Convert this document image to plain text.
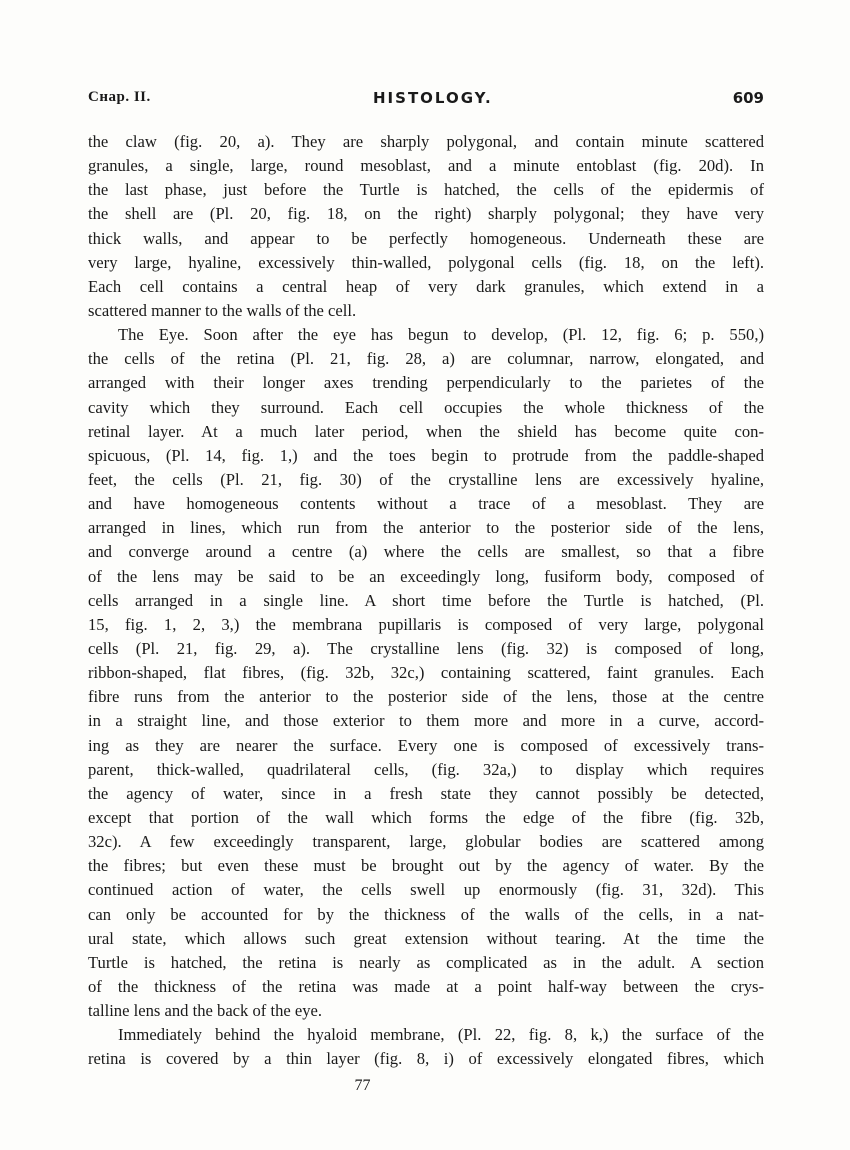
Cнар. II.	HISTOLOGY.	609
the claw (fig. 20, a). They are sharply polygonal, and contain minute scattered
granules, a single, large, round mesoblast, and a minute entoblast (fig. 20d). In
the last phase, just before the Turtle is hatched, the cells of the epidermis of
the shell are (Pl. 20, fig. 18, on the right) sharply polygonal; they have very
thick walls, and appear to be perfectly homogeneous. Underneath these are
very large, hyaline, excessively thin-walled, polygonal cells (fig. 18, on the left).
Each cell contains a central heap of very dark granules, which extend in a
scattered manner to the walls of the cell.
The Eye. Soon after the eye has begun to develop, (Pl. 12, fig. 6; p. 550,)
the cells of the retina (Pl. 21, fig. 28, a) are columnar, narrow, elongated, and
arranged with their longer axes trending perpendicularly to the parietes of the
cavity which they surround. Each cell occupies the whole thickness of the
retinal layer. At a much later period, when the shield has become quite con-
spicuous, (Pl. 14, fig. 1,) and the toes begin to protrude from the paddle-shaped
feet, the cells (Pl. 21, fig. 30) of the crystalline lens are excessively hyaline,
and have homogeneous contents without a trace of a mesoblast. They are
arranged in lines, which run from the anterior to the posterior side of the lens,
and converge around a centre (a) where the cells are smallest, so that a fibre
of the lens may be said to be an exceedingly long, fusiform body, composed of
cells arranged in a single line. A short time before the Turtle is hatched, (Pl.
15, fig. 1, 2, 3,) the membrana pupillaris is composed of very large, polygonal
cells (Pl. 21, fig. 29, a). The crystalline lens (fig. 32) is composed of long,
ribbon-shaped, flat fibres, (fig. 32b, 32c,) containing scattered, faint granules. Each
fibre runs from the anterior to the posterior side of the lens, those at the centre
in a straight line, and those exterior to them more and more in a curve, accord-
ing as they are nearer the surface. Every one is composed of excessively trans-
parent, thick-walled, quadrilateral cells, (fig. 32a,) to display which requires
the agency of water, since in a fresh state they cannot possibly be detected,
except that portion of the wall which forms the edge of the fibre (fig. 32b,
32c). A few exceedingly transparent, large, globular bodies are scattered among
the fibres; but even these must be brought out by the agency of water. By the
continued action of water, the cells swell up enormously (fig. 31, 32d). This
can only be accounted for by the thickness of the walls of the cells, in a nat-
ural state, which allows such great extension without tearing. At the time the
Turtle is hatched, the retina is nearly as complicated as in the adult. A section
of the thickness of the retina was made at a point half-way between the crys-
talline lens and the back of the eye.
Immediately behind the hyaloid membrane, (Pl. 22, fig. 8, k,) the surface of the
retina is covered by a thin layer (fig. 8, i) of excessively elongated fibres, which
77
